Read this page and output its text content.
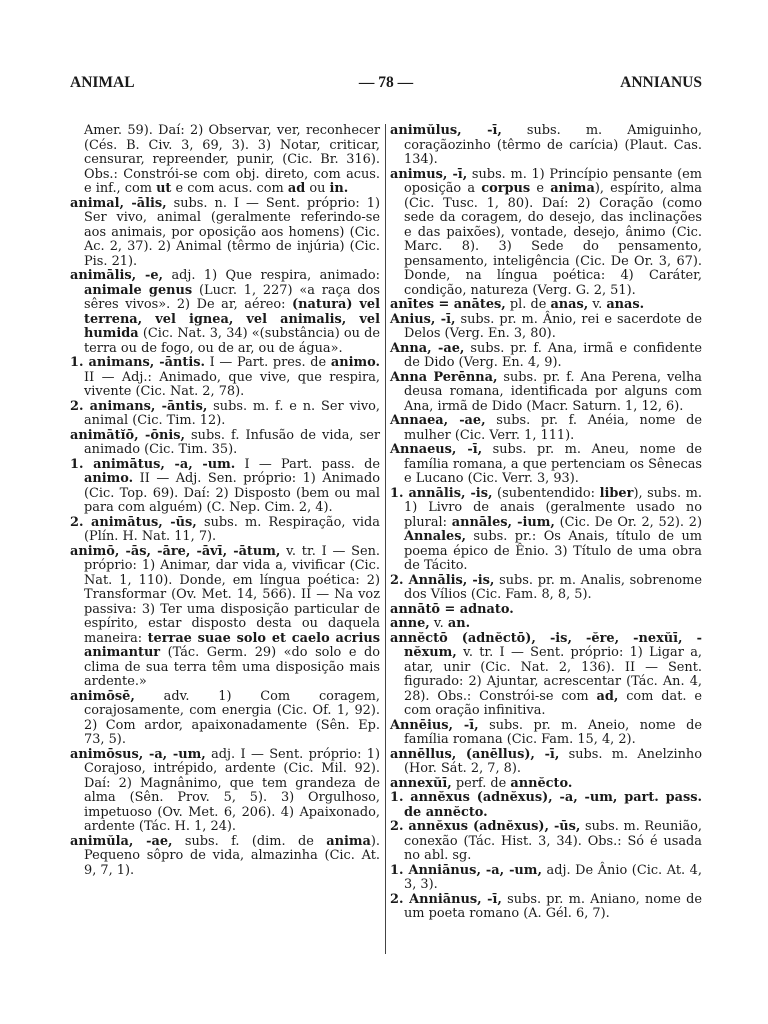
ANIMAL	— 78 —	ANNIANUS
Amer. 59). Daí: 2) Observar, ver, reconhecer (Cés. B. Civ. 3, 69, 3). 3) Notar, criticar, censurar, repreender, punir, (Cic. Br. 316). Obs.: Constrói-se com obj. direto, com acus. e inf., com ut e com acus. com ad ou in.
animal, -ālis, subs. n. I — Sent. próprio: 1) Ser vivo, animal (geralmente referindo-se aos animais, por oposição aos homens) (Cic. Ac. 2, 37). 2) Animal (têrmo de injúria) (Cic. Pis. 21).
animālis, -e, adj. 1) Que respira, animado: animale genus (Lucr. 1, 227) «a raça dos sêres vivos». 2) De ar, aéreo: (natura) vel terrena, vel ignea, vel animalis, vel humida (Cic. Nat. 3, 34) «(substância) ou de terra ou de fogo, ou de ar, ou de água».
1. animans, -āntis. I — Part. pres. de animo. II — Adj.: Animado, que vive, que respira, vivente (Cic. Nat. 2, 78).
2. animans, -āntis, subs. m. f. e n. Ser vivo, animal (Cic. Tim. 12).
animātĭō, -ōnis, subs. f. Infusão de vida, ser animado (Cic. Tim. 35).
1. animātus, -a, -um. I — Part. pass. de animo. II — Adj. Sen. próprio: 1) Animado (Cic. Top. 69). Daí: 2) Disposto (bem ou mal para com alguém) (C. Nep. Cim. 2, 4).
2. animātus, -ūs, subs. m. Respiração, vida (Plín. H. Nat. 11, 7).
animō, -ās, -āre, -āvī, -ātum, v. tr. I — Sen. próprio: 1) Animar, dar vida a, vivificar (Cic. Nat. 1, 110). Donde, em língua poética: 2) Transformar (Ov. Met. 14, 566). II — Na voz passiva: 3) Ter uma disposição particular de espírito, estar disposto desta ou daquela maneira: terrae suae solo et caelo acrius animantur (Tác. Germ. 29) «do solo e do clima de sua terra têm uma disposição mais ardente.»
animōsē, adv. 1) Com coragem, corajosamente, com energia (Cic. Of. 1, 92). 2) Com ardor, apaixonadamente (Sên. Ep. 73, 5).
animōsus, -a, -um, adj. I — Sent. próprio: 1) Corajoso, intrépido, ardente (Cic. Mil. 92). Daí: 2) Magnânimo, que tem grandeza de alma (Sên. Prov. 5, 5). 3) Orgulhoso, impetuoso (Ov. Met. 6, 206). 4) Apaixonado, ardente (Tác. H. 1, 24).
animŭla, -ae, subs. f. (dim. de anima). Pequeno sôpro de vida, almazinha (Cic. At. 9, 7, 1).
animŭlus, -ī, subs. m. Amiguinho, coraçãozinho (têrmo de carícia) (Plaut. Cas. 134).
animus, -ī, subs. m. 1) Princípio pensante (em oposição a corpus e anima), espírito, alma (Cic. Tusc. 1, 80). Daí: 2) Coração (como sede da coragem, do desejo, das inclinações e das paixões), vontade, desejo, ânimo (Cic. Marc. 8). 3) Sede do pensamento, pensamento, inteligência (Cic. De Or. 3, 67). Donde, na língua poética: 4) Caráter, condição, natureza (Verg. G. 2, 51).
anītes = anātes, pl. de anas, v. anas.
Anius, -ī, subs. pr. m. Ânio, rei e sacerdote de Delos (Verg. En. 3, 80).
Anna, -ae, subs. pr. f. Ana, irmã e confidente de Dido (Verg. En. 4, 9).
Anna Perēnna, subs. pr. f. Ana Perena, velha deusa romana, identificada por alguns com Ana, irmã de Dido (Macr. Saturn. 1, 12, 6).
Annaea, -ae, subs. pr. f. Anéia, nome de mulher (Cic. Verr. 1, 111).
Annaeus, -ī, subs. pr. m. Aneu, nome de família romana, a que pertenciam os Sênecas e Lucano (Cic. Verr. 3, 93).
1. annālis, -is, (subentendido: liber), subs. m. 1) Livro de anais (geralmente usado no plural: annāles, -ium, (Cic. De Or. 2, 52). 2) Annales, subs. pr.: Os Anais, título de um poema épico de Ênio. 3) Título de uma obra de Tácito.
2. Annālis, -is, subs. pr. m. Analis, sobrenome dos Vílios (Cic. Fam. 8, 8, 5).
annātō = adnato.
anne, v. an.
annĕctō (adnĕctō), -is, -ĕre, -nexŭī, -nĕxum, v. tr. I — Sent. próprio: 1) Ligar a, atar, unir (Cic. Nat. 2, 136). II — Sent. figurado: 2) Ajuntar, acrescentar (Tác. An. 4, 28). Obs.: Constrói-se com ad, com dat. e com oração infinitiva.
Annēius, -ī, subs. pr. m. Aneio, nome de família romana (Cic. Fam. 15, 4, 2).
annēllus, (anēllus), -ī, subs. m. Anelzinho (Hor. Sát. 2, 7, 8).
annexŭī, perf. de annĕcto.
1. annĕxus (adnĕxus), -a, -um, part. pass. de annĕcto.
2. annĕxus (adnĕxus), -ūs, subs. m. Reunião, conexão (Tác. Hist. 3, 34). Obs.: Só é usada no abl. sg.
1. Anniānus, -a, -um, adj. De Ânio (Cic. At. 4, 3, 3).
2. Anniānus, -ī, subs. pr. m. Aniano, nome de um poeta romano (A. Gél. 6, 7).
